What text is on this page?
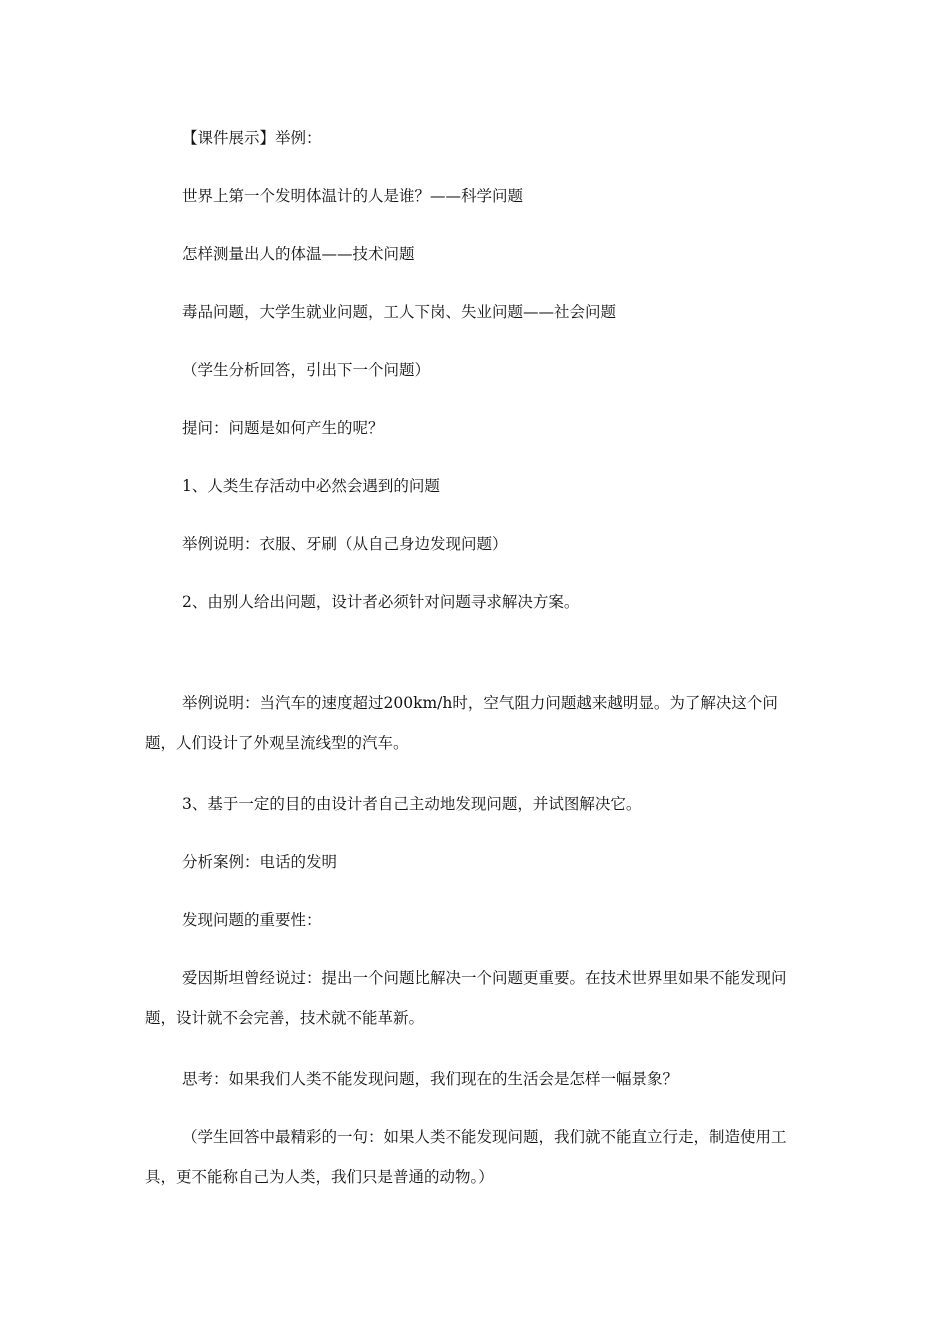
【课件展示】举例：

世界上第一个发明体温计的人是谁？——科学问题

怎样测量出人的体温——技术问题

毒品问题，大学生就业问题，工人下岗、失业问题——社会问题

（学生分析回答，引出下一个问题）

提问：问题是如何产生的呢？

1、人类生存活动中必然会遇到的问题

举例说明：衣服、牙刷（从自己身边发现问题）

2、由别人给出问题，设计者必须针对问题寻求解决方案。

举例说明：当汽车的速度超过200km/h时，空气阻力问题越来越明显。为了解决这个问题，人们设计了外观呈流线型的汽车。

3、基于一定的目的由设计者自己主动地发现问题，并试图解决它。

分析案例：电话的发明

发现问题的重要性：

爱因斯坦曾经说过：提出一个问题比解决一个问题更重要。在技术世界里如果不能发现问题，设计就不会完善，技术就不能革新。

思考：如果我们人类不能发现问题，我们现在的生活会是怎样一幅景象？

（学生回答中最精彩的一句：如果人类不能发现问题，我们就不能直立行走，制造使用工具，更不能称自己为人类，我们只是普通的动物。）
